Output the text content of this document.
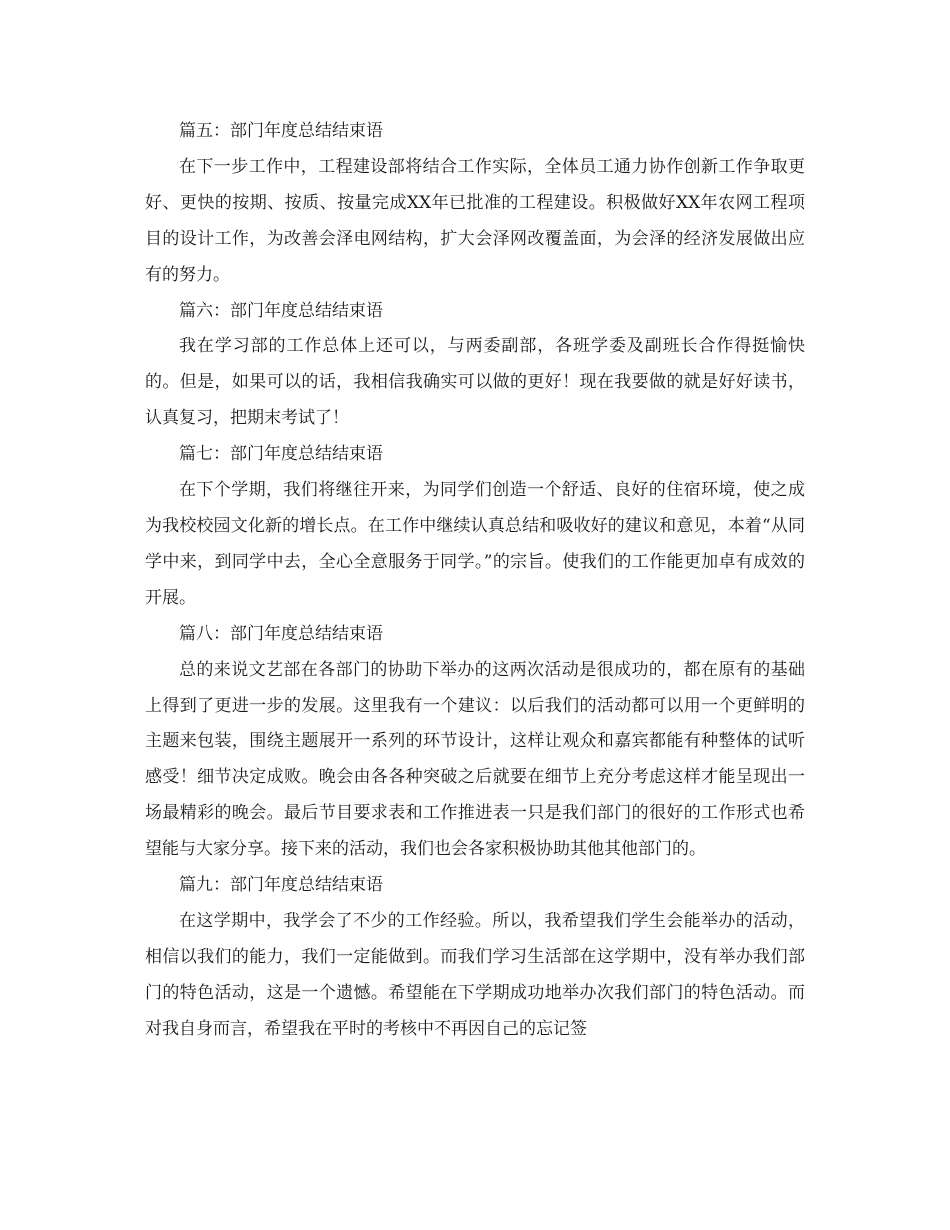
篇五：部门年度总结结束语

在下一步工作中，工程建设部将结合工作实际，全体员工通力协作创新工作争取更好、更快的按期、按质、按量完成XX年已批准的工程建设。积极做好XX年农网工程项目的设计工作，为改善会泽电网结构，扩大会泽网改覆盖面，为会泽的经济发展做出应有的努力。

篇六：部门年度总结结束语

我在学习部的工作总体上还可以，与两委副部，各班学委及副班长合作得挺愉快的。但是，如果可以的话，我相信我确实可以做的更好！现在我要做的就是好好读书，认真复习，把期末考试了！

篇七：部门年度总结结束语

在下个学期，我们将继往开来，为同学们创造一个舒适、良好的住宿环境，使之成为我校校园文化新的增长点。在工作中继续认真总结和吸收好的建议和意见，本着“从同学中来，到同学中去，全心全意服务于同学。”的宗旨。使我们的工作能更加卓有成效的开展。

篇八：部门年度总结结束语

总的来说文艺部在各部门的协助下举办的这两次活动是很成功的，都在原有的基础上得到了更进一步的发展。这里我有一个建议：以后我们的活动都可以用一个更鲜明的主题来包装，围绕主题展开一系列的环节设计，这样让观众和嘉宾都能有种整体的试听感受！细节决定成败。晚会由各各种突破之后就要在细节上充分考虑这样才能呈现出一场最精彩的晚会。最后节目要求表和工作推进表一只是我们部门的很好的工作形式也希望能与大家分享。接下来的活动，我们也会各家积极协助其他其他部门的。

篇九：部门年度总结结束语

在这学期中，我学会了不少的工作经验。所以，我希望我们学生会能举办的活动，相信以我们的能力，我们一定能做到。而我们学习生活部在这学期中，没有举办我们部门的特色活动，这是一个遗憾。希望能在下学期成功地举办次我们部门的特色活动。而对我自身而言，希望我在平时的考核中不再因自己的忘记签
